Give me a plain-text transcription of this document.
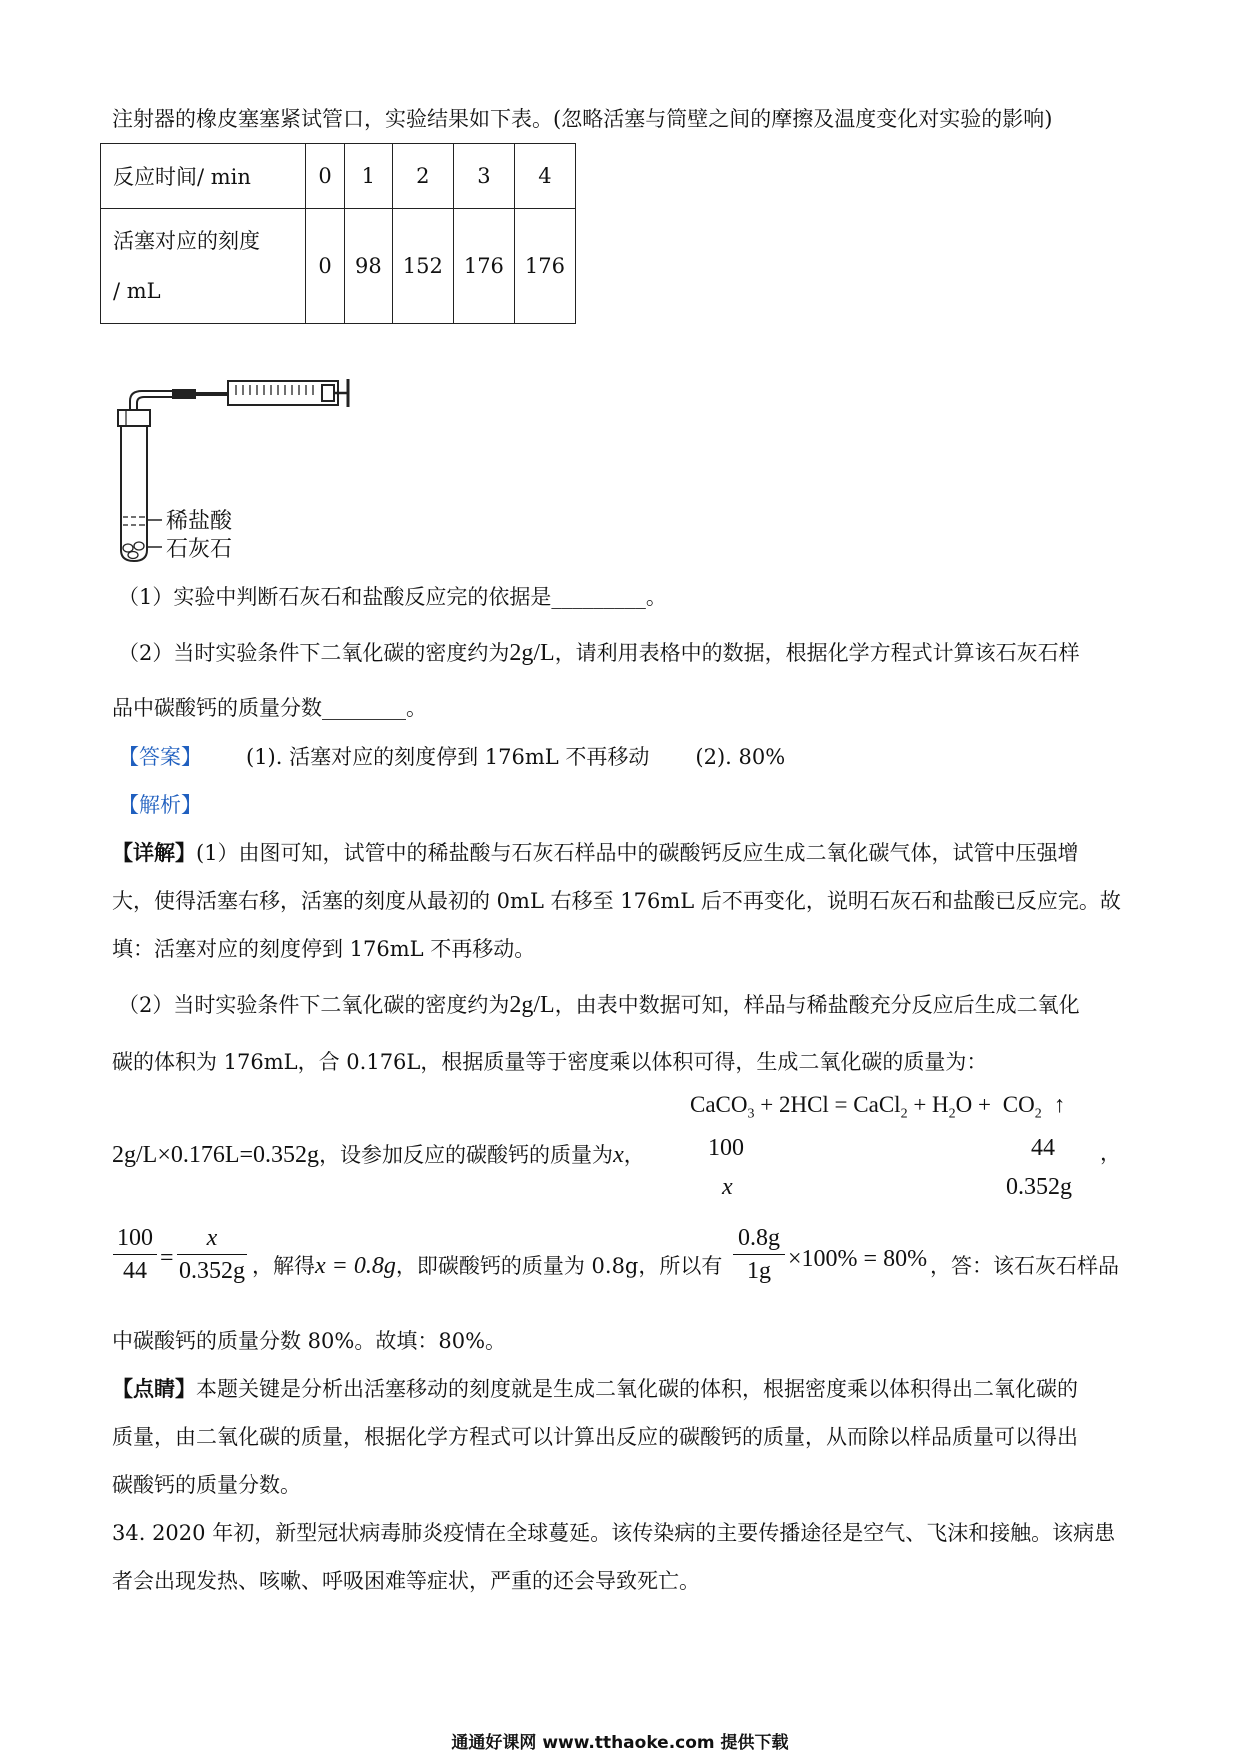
注射器的橡皮塞塞紧试管口，实验结果如下表。(忽略活塞与筒壁之间的摩擦及温度变化对实验的影响)
反应时间/ min	0	1	2	3	4

活塞对应的刻度
/ mL	0	98	152	176	176
稀盐酸
石灰石
（1）实验中判断石灰石和盐酸反应完的依据是_________。
（2）当时实验条件下二氧化碳的密度约为2g/L，请利用表格中的数据，根据化学方程式计算该石灰石样
品中碳酸钙的质量分数________。
【答案】 (1). 活塞对应的刻度停到 176mL 不再移动 (2). 80%
【解析】
【详解】(1）由图可知，试管中的稀盐酸与石灰石样品中的碳酸钙反应生成二氧化碳气体，试管中压强增
大，使得活塞右移，活塞的刻度从最初的 0mL 右移至 176mL 后不再变化，说明石灰石和盐酸已反应完。故
填：活塞对应的刻度停到 176mL 不再移动。
（2）当时实验条件下二氧化碳的密度约为2g/L，由表中数据可知，样品与稀盐酸充分反应后生成二氧化
碳的体积为 176mL，合 0.176L，根据质量等于密度乘以体积可得，生成二氧化碳的质量为：
2g/L×0.176L=0.352g，设参加反应的碳酸钙的质量为x，
CaCO$_3$ + 2HCl = CaCl$_2$ + $H_2O + CO_2$ ↑
100	44 ，
x	0.352g
100
44 =
x
0.352g ，解得x = 0.8g，即碳酸钙的质量为 0.8g，所以有
0.8g
1g ×100% = 80% ，答：该石灰石样品
中碳酸钙的质量分数 80%。故填：80%。
【点睛】本题关键是分析出活塞移动的刻度就是生成二氧化碳的体积，根据密度乘以体积得出二氧化碳的
质量，由二氧化碳的质量，根据化学方程式可以计算出反应的碳酸钙的质量，从而除以样品质量可以得出
碳酸钙的质量分数。
34. 2020 年初，新型冠状病毒肺炎疫情在全球蔓延。该传染病的主要传播途径是空气、飞沫和接触。该病患
者会出现发热、咳嗽、呼吸困难等症状，严重的还会导致死亡。
通通好课网 www.tthaoke.com 提供下载
